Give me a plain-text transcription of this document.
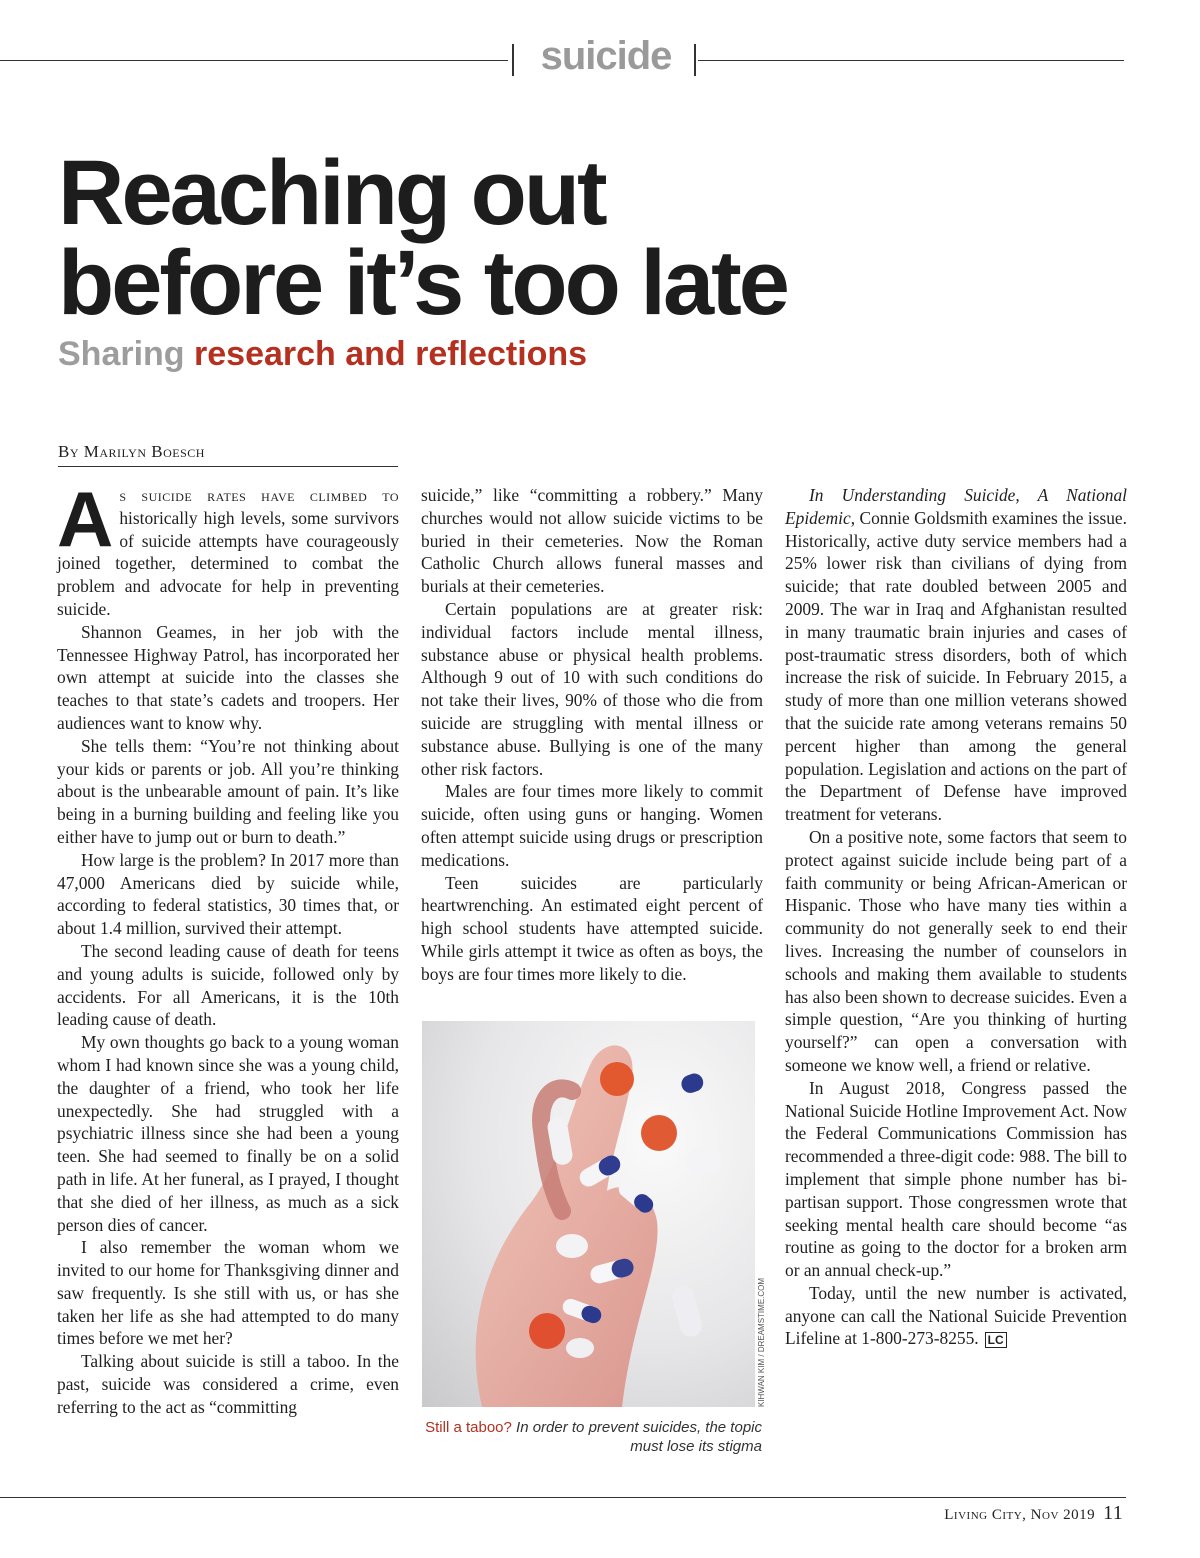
suicide
Reaching out
before it’s too late
Sharing research and reflections
By Marilyn Boesch

As suicide rates have climbed to historically high levels, some survivors of suicide attempts have courageously joined together, determined to combat the problem and advocate for help in preventing suicide.

Shannon Geames, in her job with the Tennessee Highway Patrol, has incorporated her own attempt at suicide into the classes she teaches to that state’s cadets and troopers. Her audiences want to know why.

She tells them: “You’re not thinking about your kids or parents or job. All you’re thinking about is the unbearable amount of pain. It’s like being in a burning building and feeling like you either have to jump out or burn to death.”

How large is the problem? In 2017 more than 47,000 Americans died by suicide while, according to federal statistics, 30 times that, or about 1.4 million, survived their attempt.

The second leading cause of death for teens and young adults is suicide, followed only by accidents. For all Americans, it is the 10th leading cause of death.

My own thoughts go back to a young woman whom I had known since she was a young child, the daughter of a friend, who took her life unexpectedly. She had struggled with a psychiatric illness since she had been a young teen. She had seemed to finally be on a solid path in life. At her funeral, as I prayed, I thought that she died of her illness, as much as a sick person dies of cancer.

I also remember the woman whom we invited to our home for Thanksgiving dinner and saw frequently. Is she still with us, or has she taken her life as she had attempted to do many times before we met her?

Talking about suicide is still a taboo. In the past, suicide was considered a crime, even referring to the act as “committing

suicide,” like “committing a robbery.” Many churches would not allow suicide victims to be buried in their cemeteries. Now the Roman Catholic Church allows funeral masses and burials at their cemeteries.

Certain populations are at greater risk: individual factors include mental illness, substance abuse or physical health problems. Although 9 out of 10 with such conditions do not take their lives, 90% of those who die from suicide are struggling with mental illness or substance abuse. Bullying is one of the many other risk factors.

Males are four times more likely to commit suicide, often using guns or hanging. Women often attempt suicide using drugs or prescription medications.

Teen suicides are particularly heartwrenching. An estimated eight percent of high school students have attempted suicide. While girls attempt it twice as often as boys, the boys are four times more likely to die.

KIHWAN KIM / DREAMSTIME.COM
Still a taboo? In order to prevent suicides, the topic must lose its stigma

In Understanding Suicide, A National Epidemic, Connie Goldsmith examines the issue. Historically, active duty service members had a 25% lower risk than civilians of dying from suicide; that rate doubled between 2005 and 2009. The war in Iraq and Afghanistan resulted in many traumatic brain injuries and cases of post-traumatic stress disorders, both of which increase the risk of suicide. In February 2015, a study of more than one million veterans showed that the suicide rate among veterans remains 50 percent higher than among the general population. Legislation and actions on the part of the Department of Defense have improved treatment for veterans.

On a positive note, some factors that seem to protect against suicide include being part of a faith community or being African-American or Hispanic. Those who have many ties within a community do not generally seek to end their lives. Increasing the number of counselors in schools and making them available to students has also been shown to decrease suicides. Even a simple question, “Are you thinking of hurting yourself?” can open a conversation with someone we know well, a friend or relative.

In August 2018, Congress passed the National Suicide Hotline Improvement Act. Now the Federal Communications Commission has recommended a three-digit code: 988. The bill to implement that simple phone number has bi-partisan support. Those congressmen wrote that seeking mental health care should become “as routine as going to the doctor for a broken arm or an annual check-up.”

Today, until the new number is activated, anyone can call the National Suicide Prevention Lifeline at 1-800-273-8255. LC

Living City, Nov 2019 11
